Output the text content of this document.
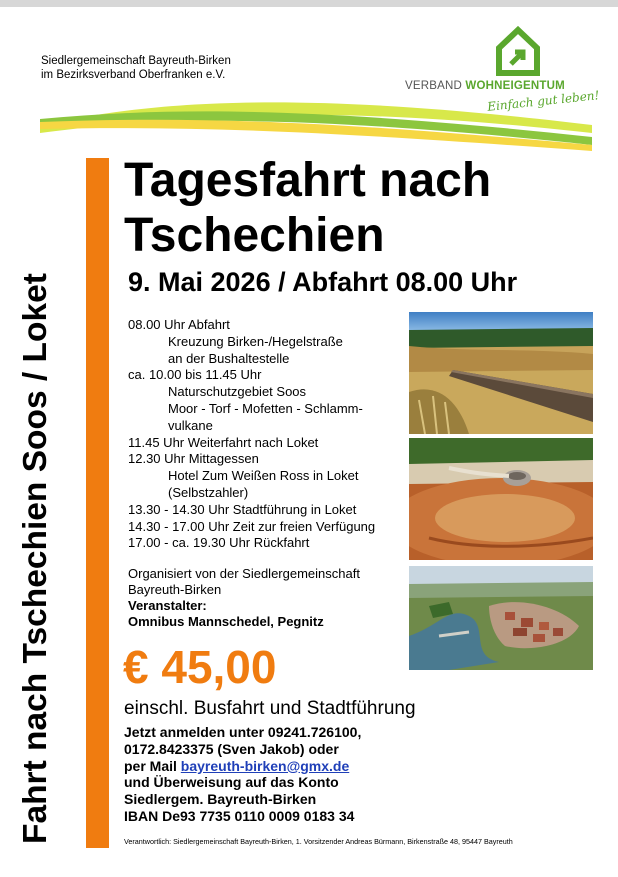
Siedlergemeinschaft Bayreuth-Birken
im Bezirksverband Oberfranken e.V.
VERBAND WOHNEIGENTUM
Einfach gut leben!
Fahrt nach Tschechien Soos / Loket
Tagesfahrt nach
Tschechien
9. Mai 2026 / Abfahrt 08.00 Uhr
08.00 Uhr Abfahrt
Kreuzung Birken-/Hegelstraße
an der Bushaltestelle
ca. 10.00 bis 11.45 Uhr
Naturschutzgebiet Soos
Moor - Torf - Mofetten - Schlamm-
vulkane
11.45 Uhr Weiterfahrt nach Loket
12.30 Uhr Mittagessen
Hotel Zum Weißen Ross in Loket
(Selbstzahler)
13.30 - 14.30 Uhr Stadtführung in Loket
14.30 - 17.00 Uhr Zeit zur freien Verfügung
17.00 - ca. 19.30 Uhr Rückfahrt
Organisiert von der Siedlergemeinschaft
Bayreuth-Birken
Veranstalter:
Omnibus Mannschedel, Pegnitz
€ 45,00
einschl. Busfahrt und Stadtführung
Jetzt anmelden unter 09241.726100,
0172.8423375 (Sven Jakob) oder
per Mail bayreuth-birken@gmx.de
und Überweisung auf das Konto
Siedlergem. Bayreuth-Birken
IBAN De93 7735 0110 0009 0183 34
Verantwortlich: Siedlergemeinschaft Bayreuth-Birken, 1. Vorsitzender Andreas Bürmann, Birkenstraße 48, 95447 Bayreuth
